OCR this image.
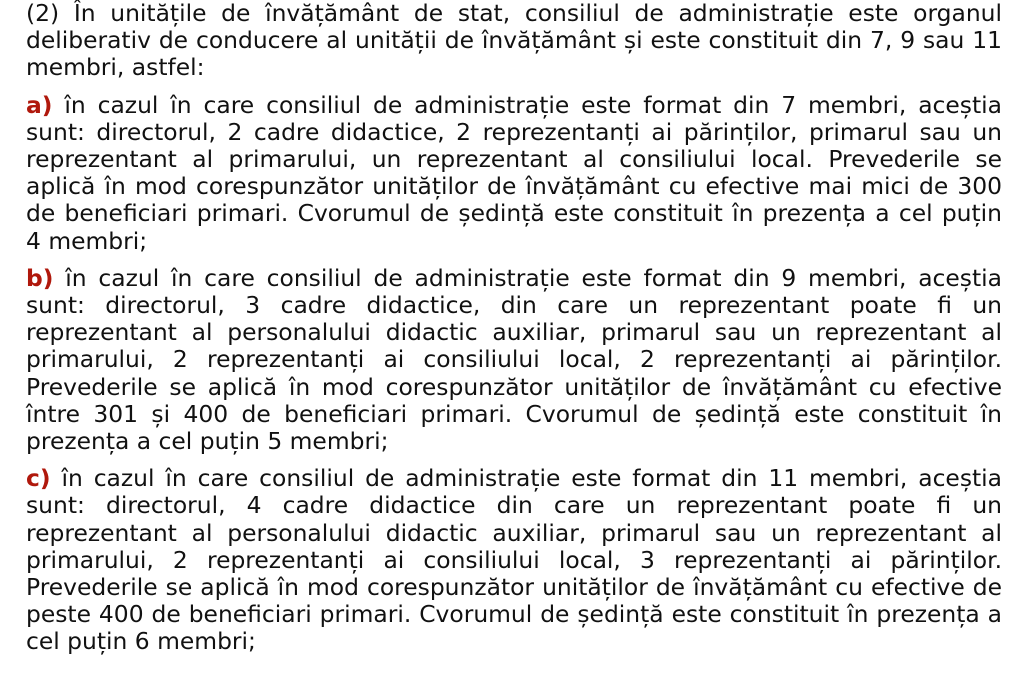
(2) În unitățile de învățământ de stat, consiliul de administrație este organul deliberativ de conducere al unității de învățământ și este constituit din 7, 9 sau 11 membri, astfel:

a) în cazul în care consiliul de administrație este format din 7 membri, aceștia sunt: directorul, 2 cadre didactice, 2 reprezentanți ai părinților, primarul sau un reprezentant al primarului, un reprezentant al consiliului local. Prevederile se aplică în mod corespunzător unităților de învățământ cu efective mai mici de 300 de beneficiari primari. Cvorumul de ședință este constituit în prezența a cel puțin 4 membri;

b) în cazul în care consiliul de administrație este format din 9 membri, aceștia sunt: directorul, 3 cadre didactice, din care un reprezentant poate fi un reprezentant al personalului didactic auxiliar, primarul sau un reprezentant al primarului, 2 reprezentanți ai consiliului local, 2 reprezentanți ai părinților. Prevederile se aplică în mod corespunzător unităților de învățământ cu efective între 301 și 400 de beneficiari primari. Cvorumul de ședință este constituit în prezența a cel puțin 5 membri;

c) în cazul în care consiliul de administrație este format din 11 membri, aceștia sunt: directorul, 4 cadre didactice din care un reprezentant poate fi un reprezentant al personalului didactic auxiliar, primarul sau un reprezentant al primarului, 2 reprezentanți ai consiliului local, 3 reprezentanți ai părinților. Prevederile se aplică în mod corespunzător unităților de învățământ cu efective de peste 400 de beneficiari primari. Cvorumul de ședință este constituit în prezența a cel puțin 6 membri;
